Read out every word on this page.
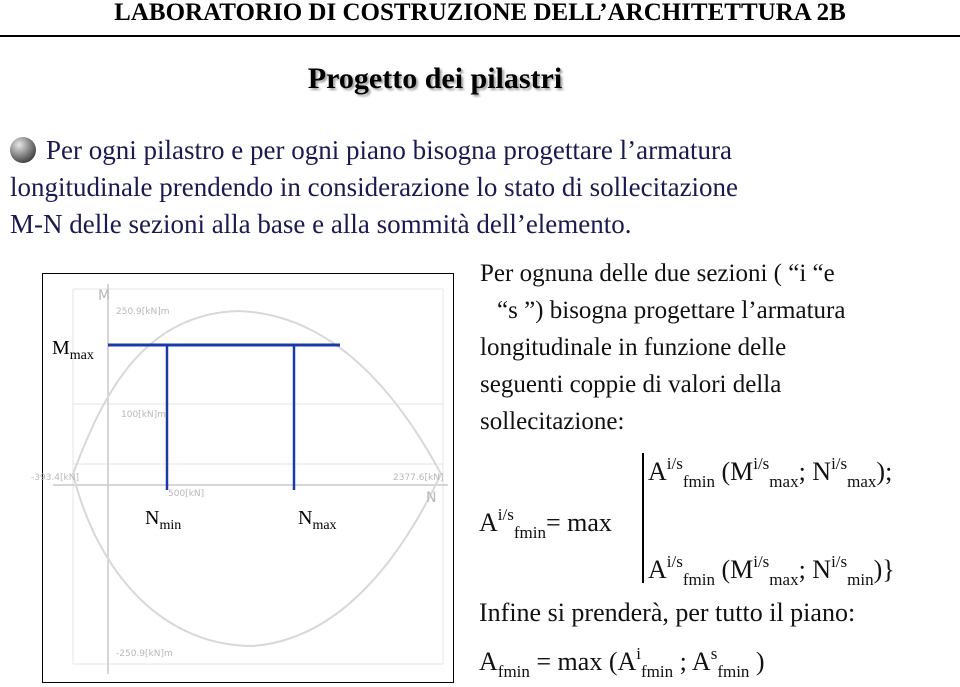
LABORATORIO DI COSTRUZIONE DELL’ARCHITETTURA 2B
Progetto dei pilastri
Per ogni pilastro e per ogni piano bisogna progettare l’armatura
longitudinale prendendo in considerazione lo stato di sollecitazione
M-N delle sezioni alla base e alla sommità dell’elemento.
M
250.9[kN]m
100[kN]m
-250.9[kN]m
-393.4[kN]	2377.6[kN]
500[kN]	N
$M_{max}$
$N_{min}$	$N_{max}$
Per ognuna delle due sezioni ( “i “e
“s ”) bisogna progettare l’armatura
longitudinale in funzione delle
seguenti coppie di valori della
sollecitazione:
$A^{i/s}_{fmin}$ ($M^{i/s}_{max}$; $N^{i/s}_{max}$);
$A^{i/s}_{fmin}= \max$
$A^{i/s}_{fmin}$ ($M^{i/s}_{max}$; $N^{i/s}_{min}$)}
Infine si prenderà, per tutto il piano:
$A_{fmin} = \max (A^i_{fmin}$ ; $A^s_{fmin}$ )
